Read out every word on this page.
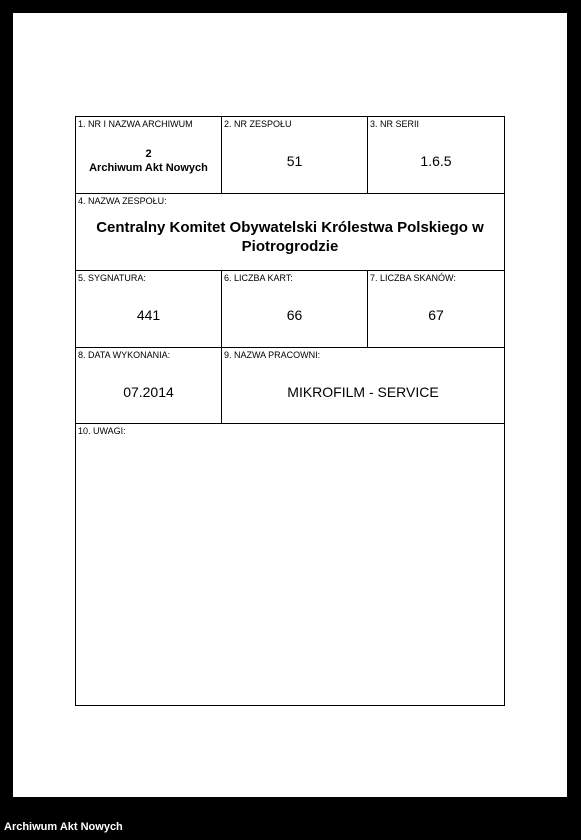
1. NR I NAZWA ARCHIWUM
2
Archiwum Akt Nowych
2. NR ZESPOŁU
51
3. NR SERII
1.6.5
4. NAZWA ZESPOŁU:
Centralny Komitet Obywatelski Królestwa Polskiego w Piotrogrodzie
5. SYGNATURA:
441
6. LICZBA KART:
66
7. LICZBA SKANÓW:
67
8. DATA WYKONANIA:
07.2014
9. NAZWA PRACOWNI:
MIKROFILM - SERVICE
10. UWAGI:
Archiwum Akt Nowych
